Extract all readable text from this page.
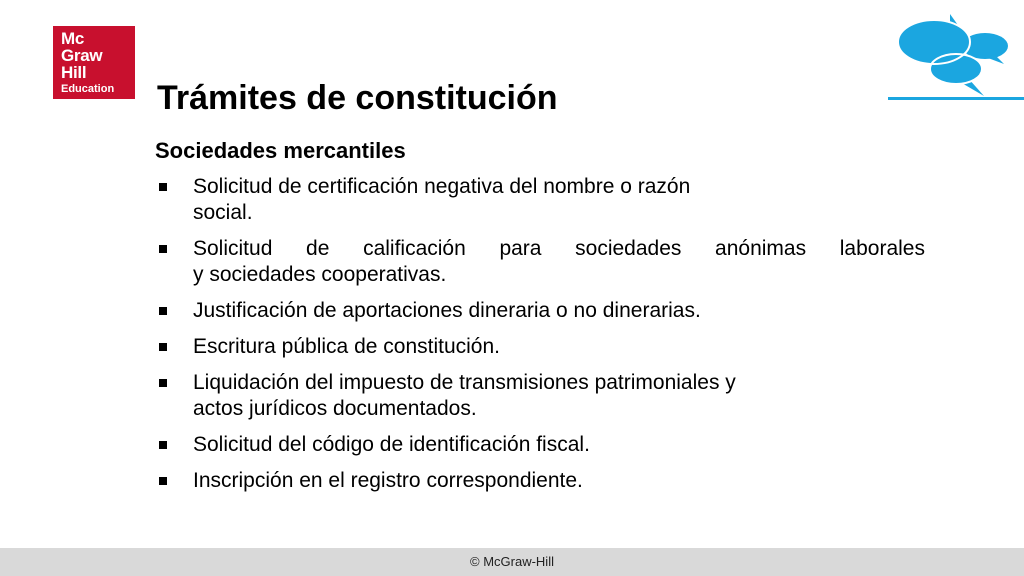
Mc
Graw
Hill
Education Trámites de constitución
Sociedades mercantiles
Solicitud de certificación negativa del nombre o razón
social.
Solicitud de calificación para sociedades anónimas laborales
y sociedades cooperativas.
Justificación de aportaciones dineraria o no dinerarias.
Escritura pública de constitución.
Liquidación del impuesto de transmisiones patrimoniales y
actos jurídicos documentados.
Solicitud del código de identificación fiscal.
Inscripción en el registro correspondiente.
© McGraw-Hill
